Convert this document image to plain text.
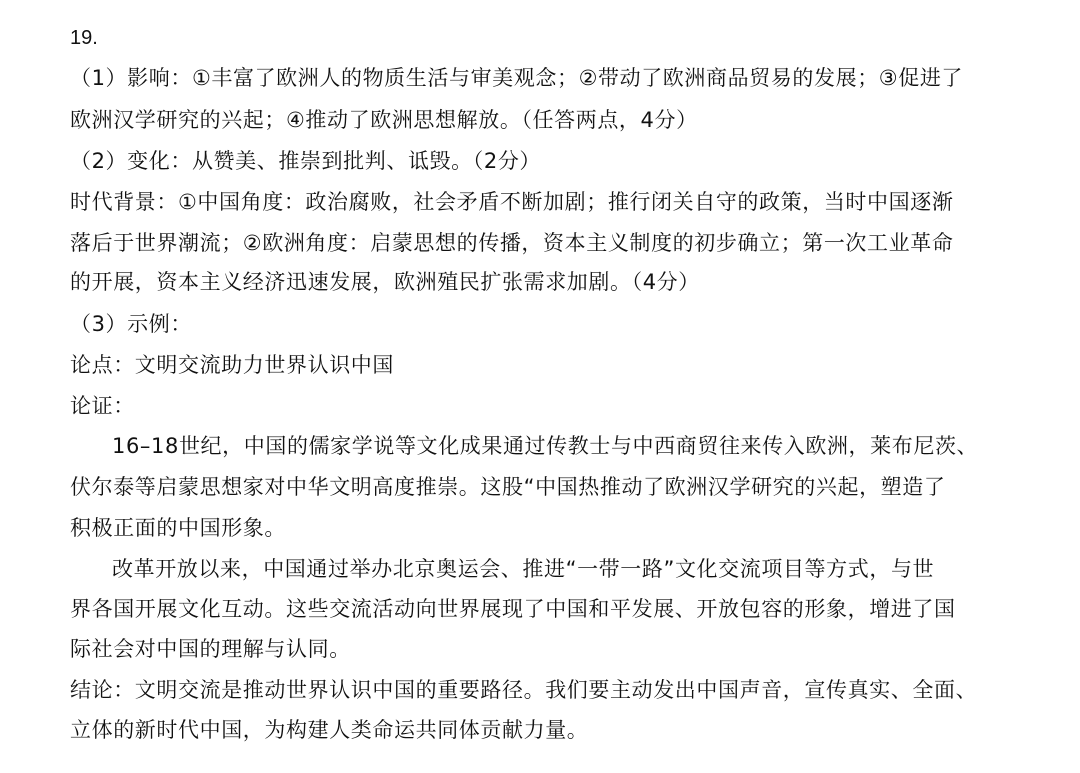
19.
（1）影响：①丰富了欧洲人的物质生活与审美观念；②带动了欧洲商品贸易的发展；③促进了
欧洲汉学研究的兴起；④推动了欧洲思想解放。（任答两点，4分）
（2）变化：从赞美、推崇到批判、诋毁。（2分）
时代背景：①中国角度：政治腐败，社会矛盾不断加剧；推行闭关自守的政策，当时中国逐渐
落后于世界潮流；②欧洲角度：启蒙思想的传播，资本主义制度的初步确立；第一次工业革命
的开展，资本主义经济迅速发展，欧洲殖民扩张需求加剧。（4分）
（3）示例：
论点：文明交流助力世界认识中国
论证：
16–18世纪，中国的儒家学说等文化成果通过传教士与中西商贸往来传入欧洲，莱布尼茨、
伏尔泰等启蒙思想家对中华文明高度推崇。这股“中国热推动了欧洲汉学研究的兴起，塑造了
积极正面的中国形象。
改革开放以来，中国通过举办北京奥运会、推进“一带一路”文化交流项目等方式，与世
界各国开展文化互动。这些交流活动向世界展现了中国和平发展、开放包容的形象，增进了国
际社会对中国的理解与认同。
结论：文明交流是推动世界认识中国的重要路径。我们要主动发出中国声音，宣传真实、全面、
立体的新时代中国，为构建人类命运共同体贡献力量。
